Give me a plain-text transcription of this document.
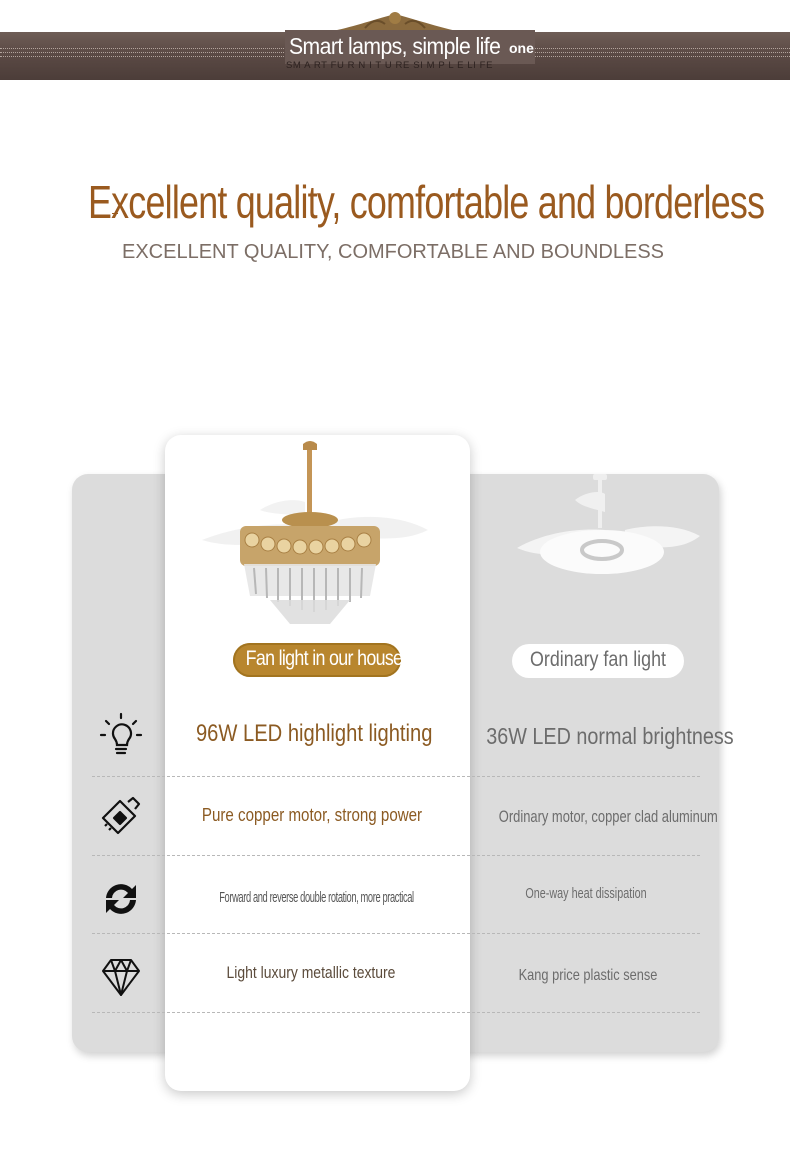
Smart lamps, simple life one
SM A RT FU R N I T U RE SI M P L E LI FE
Excellent quality, comfortable and borderless
EXCELLENT QUALITY, COMFORTABLE AND BOUNDLESS
Fan light in our house	Ordinary fan light
96W LED highlight lighting
Pure copper motor, strong power
Forward and reverse double rotation, more practical
Light luxury metallic texture
36W LED normal brightness
Ordinary motor, copper clad aluminum
One-way heat dissipation
Kang price plastic sense
